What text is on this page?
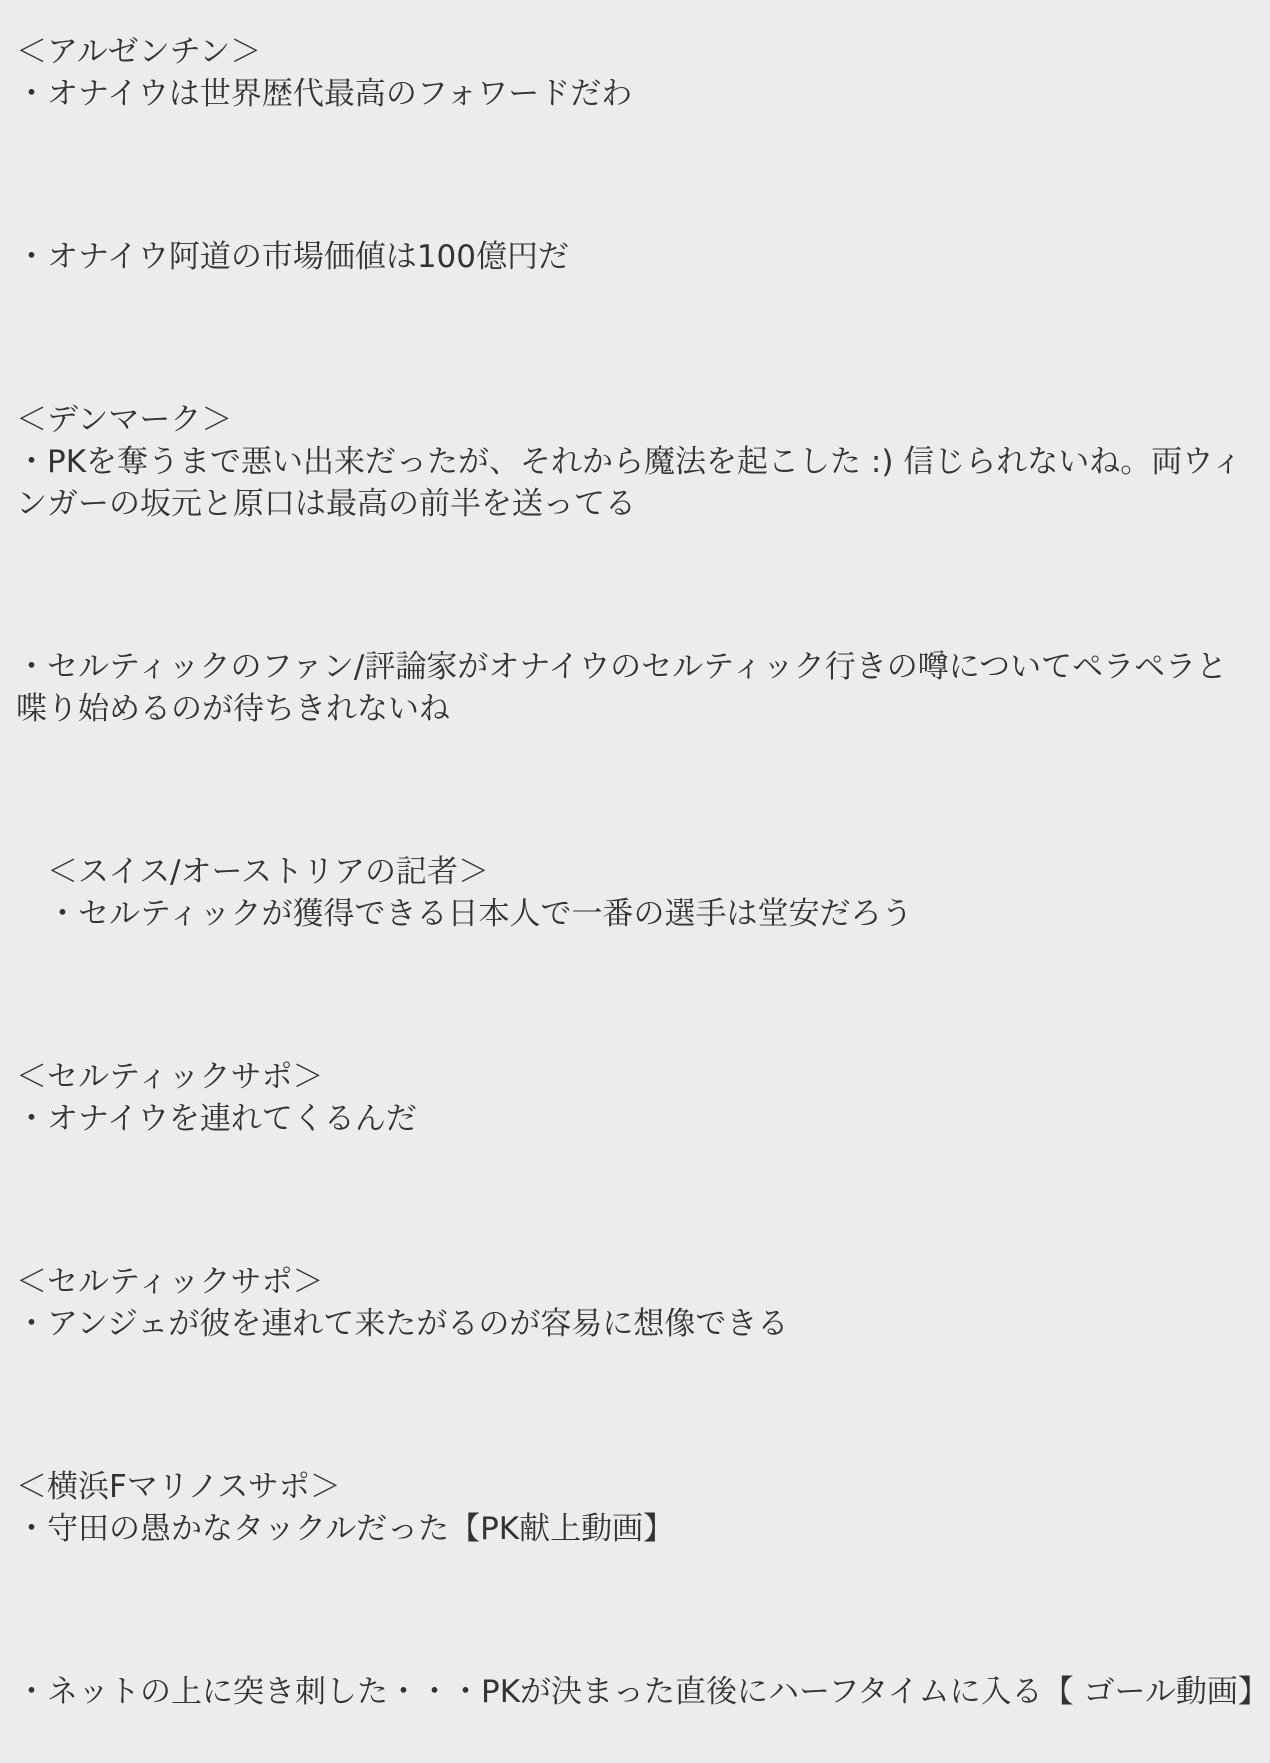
＜アルゼンチン＞

・オナイウは世界歴代最高のフォワードだわ

・オナイウ阿道の市場価値は100億円だ

＜デンマーク＞

・PKを奪うまで悪い出来だったが、それから魔法を起こした :) 信じられないね。両ウィンガーの坂元と原口は最高の前半を送ってる

・セルティックのファン/評論家がオナイウのセルティック行きの噂についてペラペラと喋り始めるのが待ちきれないね

＜スイス/オーストリアの記者＞

・セルティックが獲得できる日本人で一番の選手は堂安だろう

＜セルティックサポ＞

・オナイウを連れてくるんだ

＜セルティックサポ＞

・アンジェが彼を連れて来たがるのが容易に想像できる

＜横浜Fマリノスサポ＞

・守田の愚かなタックルだった【PK献上動画】

・ネットの上に突き刺した・・・PKが決まった直後にハーフタイムに入る【 ゴール動画】
